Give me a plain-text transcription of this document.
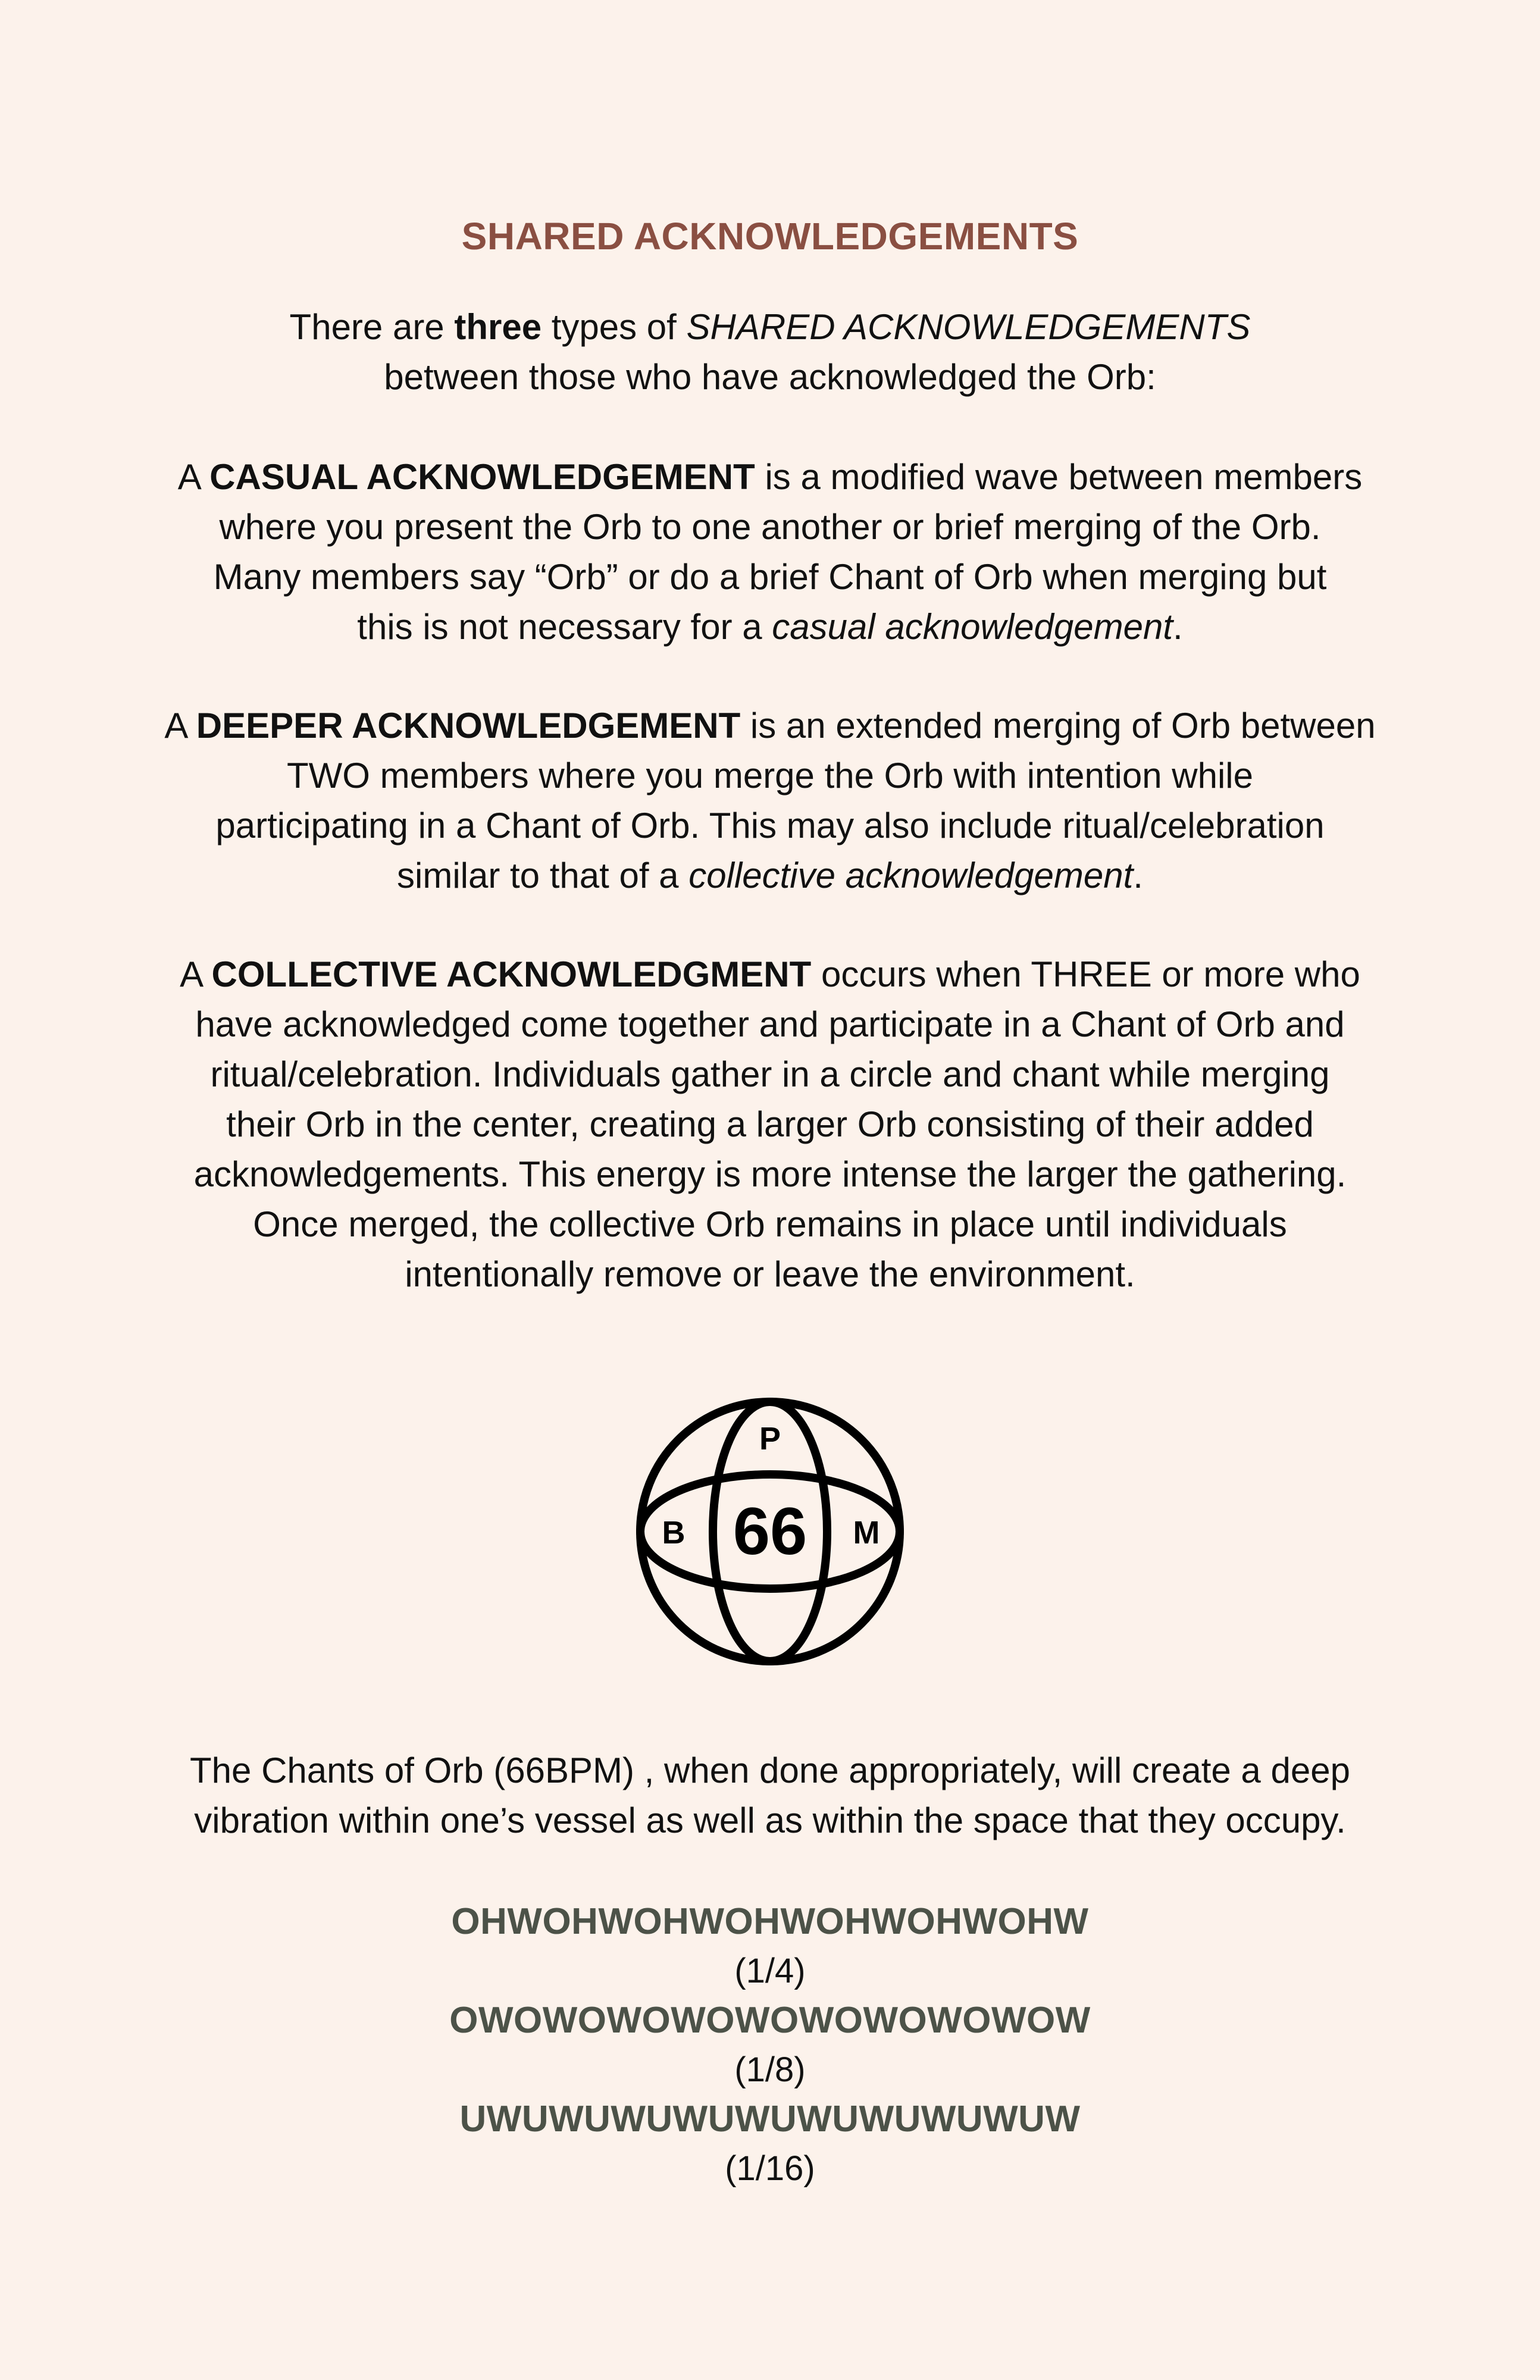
SHARED ACKNOWLEDGEMENTS
There are three types of SHARED ACKNOWLEDGEMENTS
between those who have acknowledged the Orb:
A CASUAL ACKNOWLEDGEMENT is a modified wave between members
where you present the Orb to one another or brief merging of the Orb.
Many members say “Orb” or do a brief Chant of Orb when merging but
this is not necessary for a casual acknowledgement.
A DEEPER ACKNOWLEDGEMENT is an extended merging of Orb between
TWO members where you merge the Orb with intention while
participating in a Chant of Orb. This may also include ritual/celebration
similar to that of a collective acknowledgement.
A COLLECTIVE ACKNOWLEDGMENT occurs when THREE or more who
have acknowledged come together and participate in a Chant of Orb and
ritual/celebration. Individuals gather in a circle and chant while merging
their Orb in the center, creating a larger Orb consisting of their added
acknowledgements. This energy is more intense the larger the gathering.
Once merged, the collective Orb remains in place until individuals
intentionally remove or leave the environment.
P
B	M
66
The Chants of Orb (66BPM) , when done appropriately, will create a deep
vibration within one’s vessel as well as within the space that they occupy.
OHWOHWOHWOHWOHWOHWOHW
(1/4)
OWOWOWOWOWOWOWOWOWOW
(1/8)
UWUWUWUWUWUWUWUWUWUW
(1/16)
